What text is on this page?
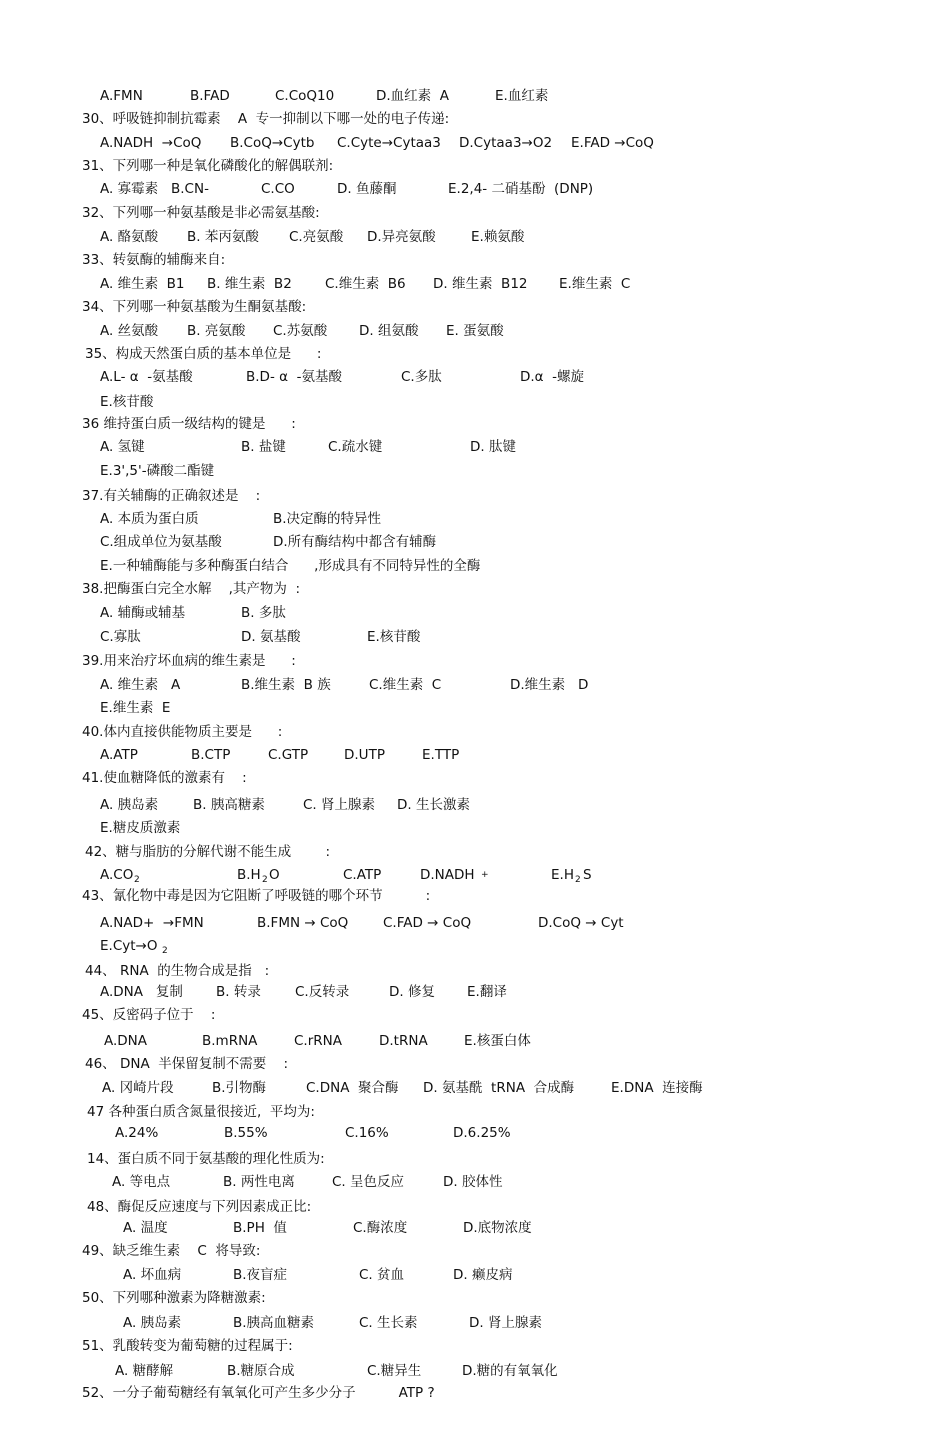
A.FMN	B.FAD	C.CoQ10	D.血红素  A	E.血红素
30、呼吸链抑制抗霉素    A  专一抑制以下哪一处的电子传递:
A.NADH  →CoQ B.CoQ→Cytb C.Cyte→Cytaa3 D.Cytaa3→O2 E.FAD →CoQ
31、下列哪一种是氧化磷酸化的解偶联剂:
A. 寡霉素 B.CN-	C.CO	D. 鱼藤酮	E.2,4- 二硝基酚  (DNP)
32、下列哪一种氨基酸是非必需氨基酸:
A. 酪氨酸 B. 苯丙氨酸 C.亮氨酸 D.异亮氨酸	E.赖氨酸
33、转氨酶的辅酶来自:
A. 维生素  B1 B. 维生素  B2 C.维生素  B6 D. 维生素  B12 E.维生素  C
34、下列哪一种氨基酸为生酮氨基酸:
A. 丝氨酸 B. 亮氨酸 C.苏氨酸 D. 组氨酸 E. 蛋氨酸
35、构成天然蛋白质的基本单位是      :
A.L- α  -氨基酸	B.D- α  -氨基酸	C.多肽	D.α  -螺旋
E.核苷酸
36 维持蛋白质一级结构的键是      :
A. 氢键	B. 盐键	C.疏水键	D. 肽键
E.3',5'-磷酸二酯键
37.有关辅酶的正确叙述是    :
A. 本质为蛋白质	B.决定酶的特异性
C.组成单位为氨基酸	D.所有酶结构中都含有辅酶
E.一种辅酶能与多种酶蛋白结合      ,形成具有不同特异性的全酶
38.把酶蛋白完全水解    ,其产物为  :
A. 辅酶或辅基	B. 多肽
C.寡肽	D. 氨基酸	E.核苷酸
39.用来治疗坏血病的维生素是      :
A. 维生素   A	B.维生素  B 族	C.维生素  C	D.维生素   D
E.维生素  E
40.体内直接供能物质主要是      :
A.ATP	B.CTP	C.GTP	D.UTP	E.TTP
41.使血糖降低的激素有    :
A. 胰岛素	B. 胰高糖素	C. 肾上腺素 D. 生长激素
E.糖皮质激素
42、糖与脂肪的分解代谢不能生成        :
A.CO $_2$	B.H $_2$ O	C.ATP	D.NADH +	E.H $_2$ S
43、氰化物中毒是因为它阻断了呼吸链的哪个环节          :
A.NAD+  →FMN	B.FMN → CoQ	C.FAD → CoQ	D.CoQ → Cyt
E.Cyt→O $_2$
44、 RNA  的生物合成是指   :
A.DNA   复制 B. 转录	C.反转录	D. 修复 E.翻译
45、反密码子位于    :
A.DNA	B.mRNA	C.rRNA	D.tRNA	E.核蛋白体
46、 DNA  半保留复制不需要    :
A. 冈崎片段	B.引物酶	C.DNA  聚合酶 D. 氨基酰  tRNA  合成酶	E.DNA  连接酶
47 各种蛋白质含氮量很接近,  平均为:
A.24%	B.55%	C.16%	D.6.25%
14、蛋白质不同于氨基酸的理化性质为:
A. 等电点	B. 两性电离	C. 呈色反应	D. 胶体性
48、酶促反应速度与下列因素成正比:
A. 温度	B.PH  值	C.酶浓度	D.底物浓度
49、缺乏维生素    C  将导致:
A. 坏血病	B.夜盲症	C. 贫血	D. 癞皮病
50、下列哪种激素为降糖激素:
A. 胰岛素	B.胰高血糖素	C. 生长素	D. 肾上腺素
51、乳酸转变为葡萄糖的过程属于:
A. 糖酵解	B.糖原合成	C.糖异生	D.糖的有氧氧化
52、一分子葡萄糖经有氧氧化可产生多少分子          ATP ?
